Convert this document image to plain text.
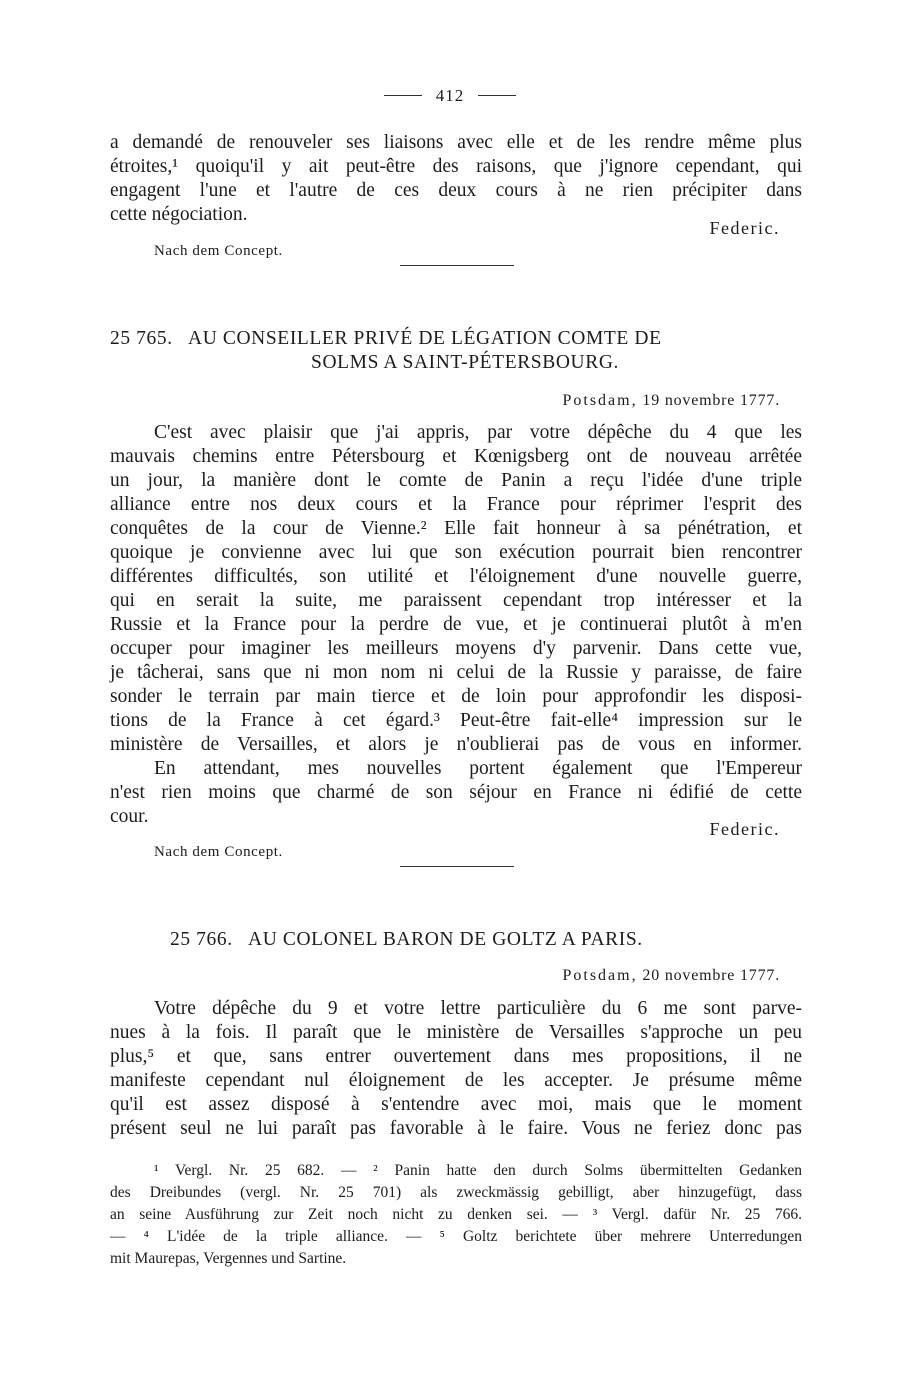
412
a demandé de renouveler ses liaisons avec elle et de les rendre même plus
étroites,¹ quoiqu'il y ait peut-être des raisons, que j'ignore cependant, qui
engagent l'une et l'autre de ces deux cours à ne rien précipiter dans
cette négociation.
Federic.
Nach dem Concept.
25 765.   AU CONSEILLER PRIVÉ DE LÉGATION COMTE DE
SOLMS A SAINT-PÉTERSBOURG.
Potsdam, 19 novembre 1777.
C'est avec plaisir que j'ai appris, par votre dépêche du 4 que les
mauvais chemins entre Pétersbourg et Kœnigsberg ont de nouveau arrêtée
un jour, la manière dont le comte de Panin a reçu l'idée d'une triple
alliance entre nos deux cours et la France pour réprimer l'esprit des
conquêtes de la cour de Vienne.² Elle fait honneur à sa pénétration, et
quoique je convienne avec lui que son exécution pourrait bien rencontrer
différentes difficultés, son utilité et l'éloignement d'une nouvelle guerre,
qui en serait la suite, me paraissent cependant trop intéresser et la
Russie et la France pour la perdre de vue, et je continuerai plutôt à m'en
occuper pour imaginer les meilleurs moyens d'y parvenir. Dans cette vue,
je tâcherai, sans que ni mon nom ni celui de la Russie y paraisse, de faire
sonder le terrain par main tierce et de loin pour approfondir les disposi-
tions de la France à cet égard.³ Peut-être fait-elle⁴ impression sur le
ministère de Versailles, et alors je n'oublierai pas de vous en informer.
En attendant, mes nouvelles portent également que l'Empereur
n'est rien moins que charmé de son séjour en France ni édifié de cette
cour.
Federic.
Nach dem Concept.
25 766.   AU COLONEL BARON DE GOLTZ A PARIS.
Potsdam, 20 novembre 1777.
Votre dépêche du 9 et votre lettre particulière du 6 me sont parve-
nues à la fois. Il paraît que le ministère de Versailles s'approche un peu
plus,⁵ et que, sans entrer ouvertement dans mes propositions, il ne
manifeste cependant nul éloignement de les accepter. Je présume même
qu'il est assez disposé à s'entendre avec moi, mais que le moment
présent seul ne lui paraît pas favorable à le faire. Vous ne feriez donc pas
¹ Vergl. Nr. 25 682. — ² Panin hatte den durch Solms übermittelten Gedanken
des Dreibundes (vergl. Nr. 25 701) als zweckmässig gebilligt, aber hinzugefügt, dass
an seine Ausführung zur Zeit noch nicht zu denken sei. — ³ Vergl. dafür Nr. 25 766.
— ⁴ L'idée de la triple alliance. — ⁵ Goltz berichtete über mehrere Unterredungen
mit Maurepas, Vergennes und Sartine.
